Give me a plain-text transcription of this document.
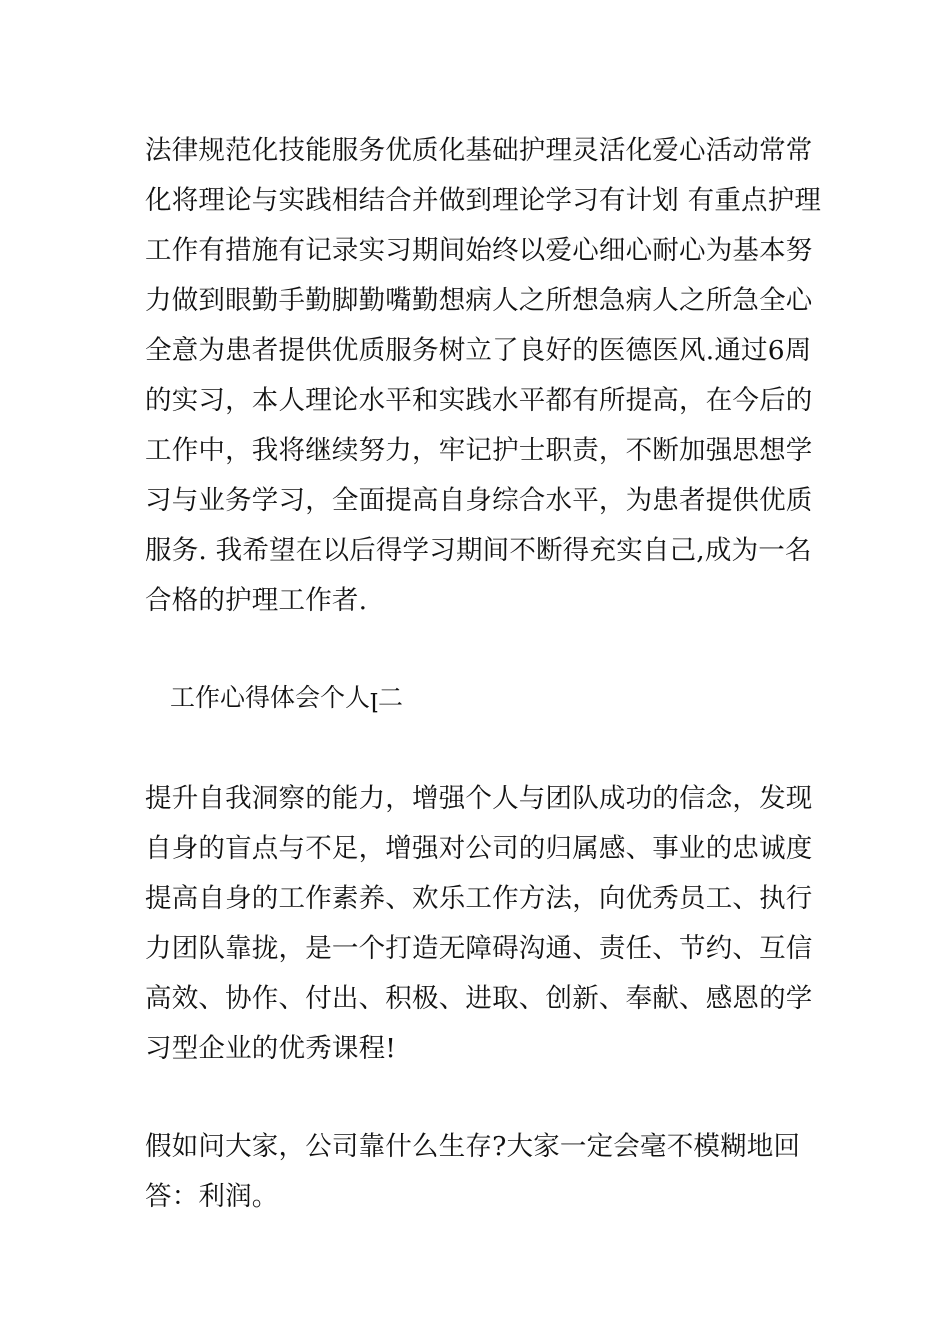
法律规范化技能服务优质化基础护理灵活化爱心活动常常
化将理论与实践相结合并做到理论学习有计划 有重点护理
工作有措施有记录实习期间始终以爱心细心耐心为基本努
力做到眼勤手勤脚勤嘴勤想病人之所想急病人之所急全心
全意为患者提供优质服务树立了良好的医德医风.通过6周
的实习，本人理论水平和实践水平都有所提高，在今后的
工作中，我将继续努力，牢记护士职责，不断加强思想学
习与业务学习，全面提高自身综合水平，为患者提供优质
服务. 我希望在以后得学习期间不断得充实自己,成为一名
合格的护理工作者.
工作心得体会个人ꞁ二
提升自我洞察的能力，增强个人与团队成功的信念，发现
自身的盲点与不足，增强对公司的归属感、事业的忠诚度
提高自身的工作素养、欢乐工作方法，向优秀员工、执行
力团队靠拢，是一个打造无障碍沟通、责任、节约、互信
高效、协作、付出、积极、进取、创新、奉献、感恩的学
习型企业的优秀课程!
假如问大家，公司靠什么生存?大家一定会毫不模糊地回
答：利润。
